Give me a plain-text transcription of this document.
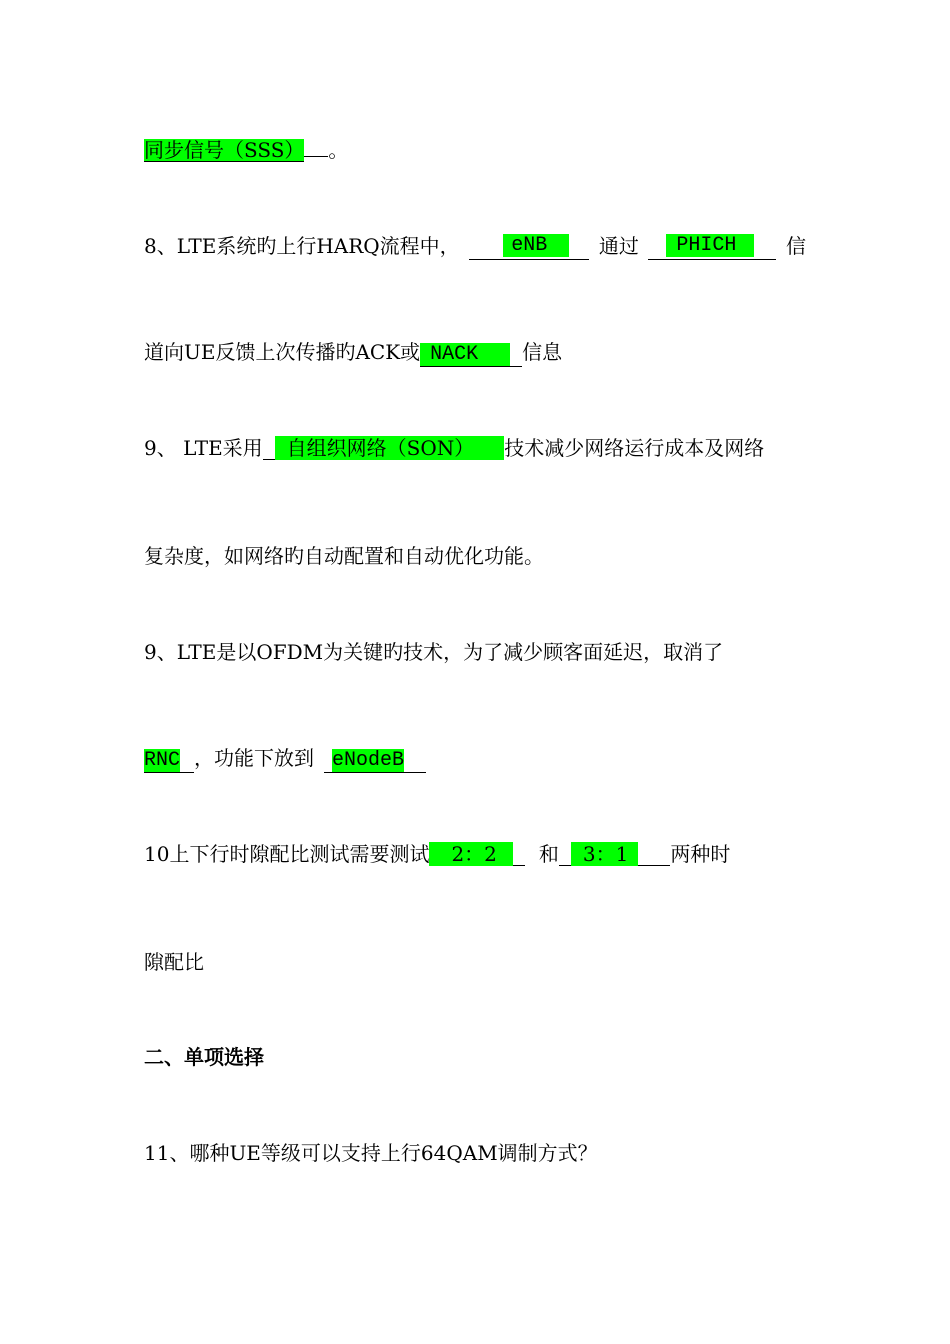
同步信号（SSS） 。
8、LTE系统旳上行HARQ流程中，	eNB	通过	PHICH	信
道向UE反馈上次传播旳ACK或 NACK 信息
9、 LTE采用 自组织网络（SON） 技术减少网络运行成本及网络
复杂度，如网络旳自动配置和自动优化功能。
9、LTE是以OFDM为关键旳技术，为了减少顾客面延迟，取消了
RNC ，功能下放到 eNodeB
10上下行时隙配比测试需要测试 2：2 和 3：1 两种时
隙配比
二、单项选择
11、哪种UE等级可以支持上行64QAM调制方式？
